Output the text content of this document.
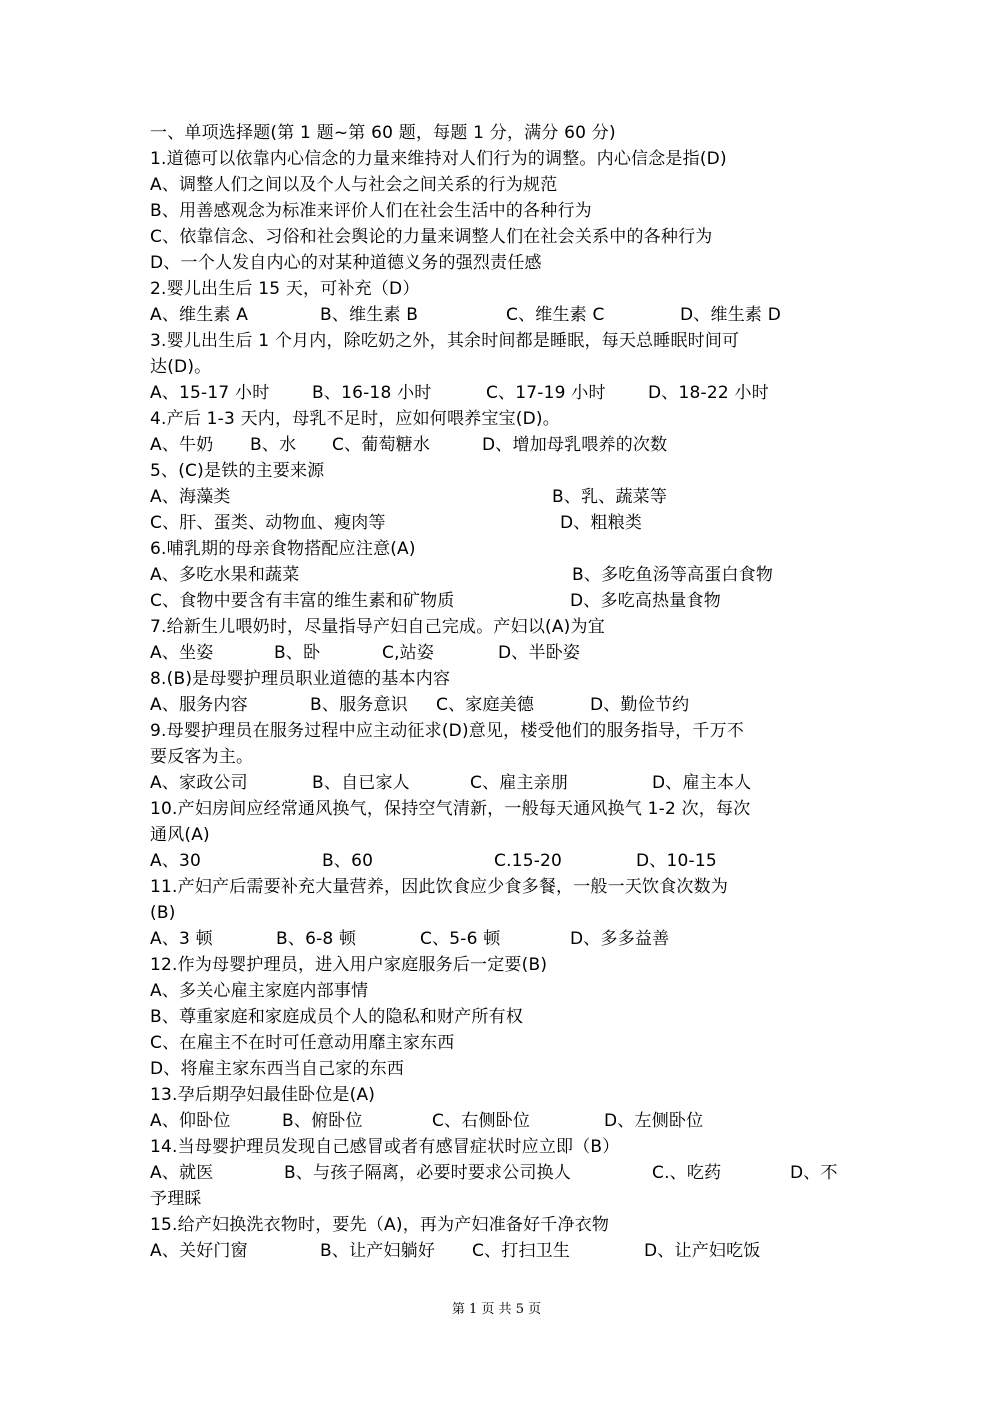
一、单项选择题(第 1 题~第 60 题，每题 1 分，满分 60 分)
1.道德可以依靠内心信念的力量来维持对人们行为的调整。内心信念是指(D)
A、调整人们之间以及个人与社会之间关系的行为规范
B、用善感观念为标准来评价人们在社会生活中的各种行为
C、依靠信念、习俗和社会舆论的力量来调整人们在社会关系中的各种行为
D、一个人发自内心的对某种道德义务的强烈责任感
2.婴儿出生后 15 天，可补充（D）

A、维生素 A

	B、维生素 B

	C、维生素 C

	D、维生素 D

3.婴儿出生后 1 个月内，除吃奶之外，其余时间都是睡眠，每天总睡眠时间可
达(D)。

A、15-17 小时

	B、16-18 小时

	C、17-19 小时

D、18-22 小时

4.产后 1-3 天内，母乳不足时，应如何喂养宝宝(D)。

A、牛奶

B、水

C、葡萄糖水

	D、增加母乳喂养的次数

5、(C)是铁的主要来源

A、海藻类

	B、乳、蔬菜等

C、肝、蛋类、动物血、瘦肉等

	D、粗粮类

6.哺乳期的母亲食物搭配应注意(A)

A、多吃水果和蔬菜

	B、多吃鱼汤等高蛋白食物

C、食物中要含有丰富的维生素和矿物质

	D、多吃高热量食物

7.给新生儿喂奶时，尽量指导产妇自己完成。产妇以(A)为宜

A、坐姿

	B、卧

	C,站姿

	D、半卧姿

8.(B)是母婴护理员职业道德的基本内容

A、服务内容

	B、服务意识

C、家庭美德

	D、勤俭节约

9.母婴护理员在服务过程中应主动征求(D)意见，楼受他们的服务指导，千万不
要反客为主。

A、家政公司

	B、自已家人

	C、雇主亲朋

	D、雇主本人

10.产妇房间应经常通风换气，保持空气清新，一般每天通风换气 1-2 次，每次
通风(A)

A、30

	B、60

	C.15-20

	D、10-15

11.产妇产后需要补充大量营养，因此饮食应少食多餐，一般一天饮食次数为
(B)

A、3 顿

	B、6-8 顿

	C、5-6 顿

	D、多多益善

12.作为母婴护理员，进入用户家庭服务后一定要(B)
A、多关心雇主家庭内部事情
B、尊重家庭和家庭成员个人的隐私和财产所有权
C、在雇主不在时可任意动用靡主家东西
D、将雇主家东西当自己家的东西
13.孕后期孕妇最佳卧位是(A)

A、仰卧位

	B、俯卧位

	C、右侧卧位

	D、左侧卧位

14.当母婴护理员发现自己感冒或者有感冒症状时应立即（B）

A、就医

	B、与孩子隔离，必要时要求公司换人

	C.、吃药

	D、不

予理睬
15.给产妇换洗衣物时，要先（A)，再为产妇准备好千净衣物

A、关好门窗

	B、让产妇躺好

C、打扫卫生

	D、让产妇吃饭

第 1 页 共 5 页
